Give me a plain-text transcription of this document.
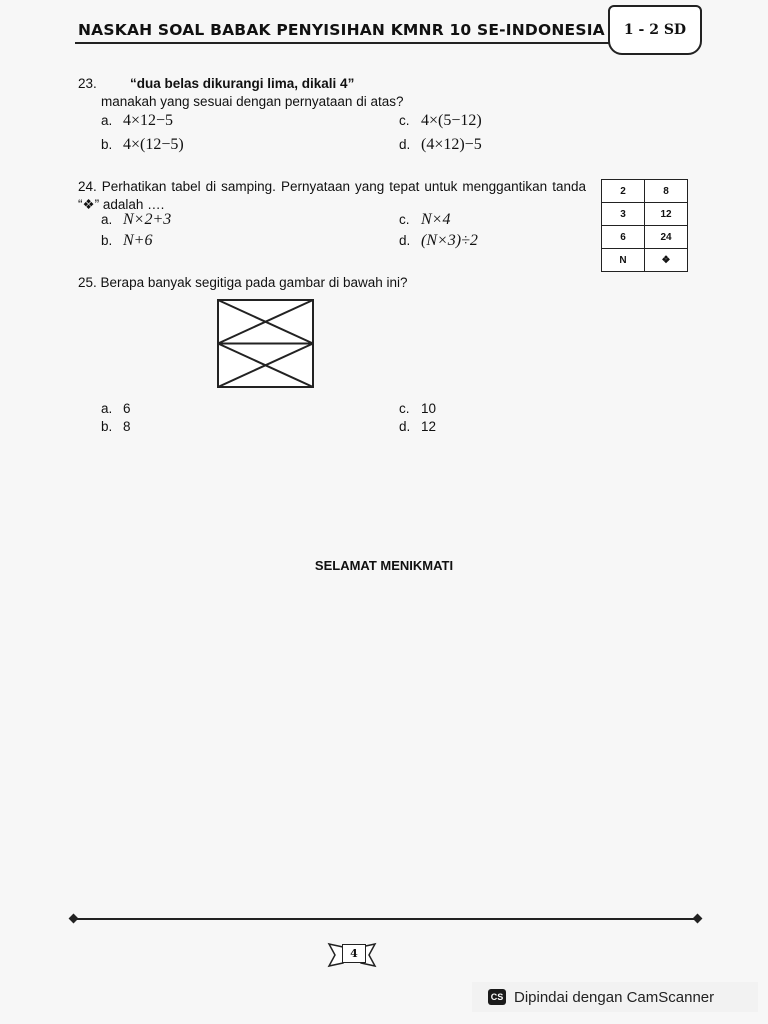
NASKAH SOAL BABAK PENYISIHAN KMNR 10 SE-INDONESIA	1 - 2 SD
23. “dua belas dikurangi lima, dikali 4”
manakah yang sesuai dengan pernyataan di atas?
a. 4×12−5
b. 4×(12−5)
c. 4×(5−12)
d. (4×12)−5
24. Perhatikan tabel di samping. Pernyataan yang tepat untuk menggantikan tanda “❖” adalah ….
a. N×2+3
b. N+6
c. N×4
d. (N×3)÷2
2	8
3	12
6	24
N	❖
25. Berapa banyak segitiga pada gambar di bawah ini?
a. 6
b. 8
c. 10
d. 12
SELAMAT MENIKMATI
4
CS Dipindai dengan CamScanner
